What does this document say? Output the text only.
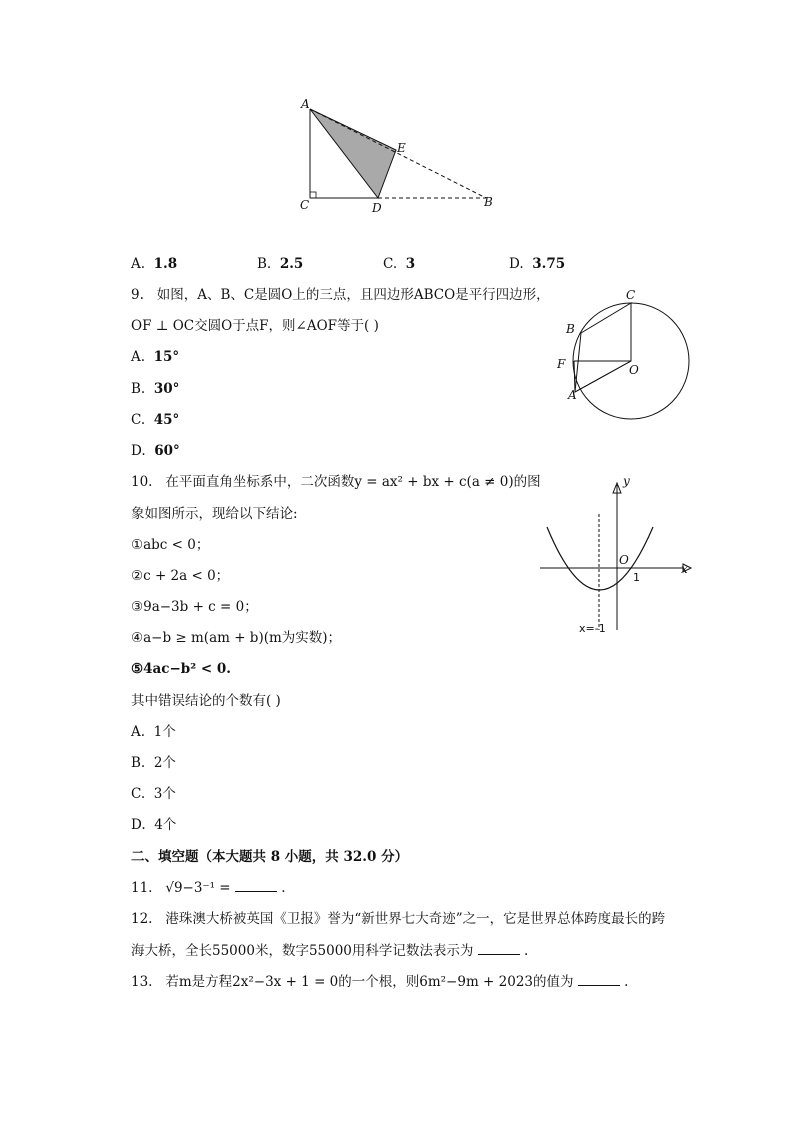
A
E
C	D	B
A. 1.8	B. 2.5	C. 3	D. 3.75
9. 如图，A、B、C是圆O上的三点，且四边形ABCO是平行四边形，
OF ⊥ OC交圆O于点F，则∠AOF等于( )
A. 15°
B. 30°
C. 45°
D. 60°
C
B
F	O
A
10. 在平面直角坐标系中，二次函数y = ax² + bx + c(a ≠ 0)的图
象如图所示，现给以下结论:
①abc < 0；
②c + 2a < 0；
③9a−3b + c = 0；
④a−b ≥ m(am + b)(m为实数)；
⑤4ac−b² < 0.
其中错误结论的个数有( )
A. 1个
B. 2个
C. 3个
D. 4个
y
x
O
1
x=-1
二、填空题（本大题共 8 小题，共 32.0 分）
11. √9−3⁻¹ =	.
12. 港珠澳大桥被英国《卫报》誉为“新世界七大奇迹”之一，它是世界总体跨度最长的跨
海大桥，全长55000米，数字55000用科学记数法表示为	.
13. 若m是方程2x²−3x + 1 = 0的一个根，则6m²−9m + 2023的值为	.
